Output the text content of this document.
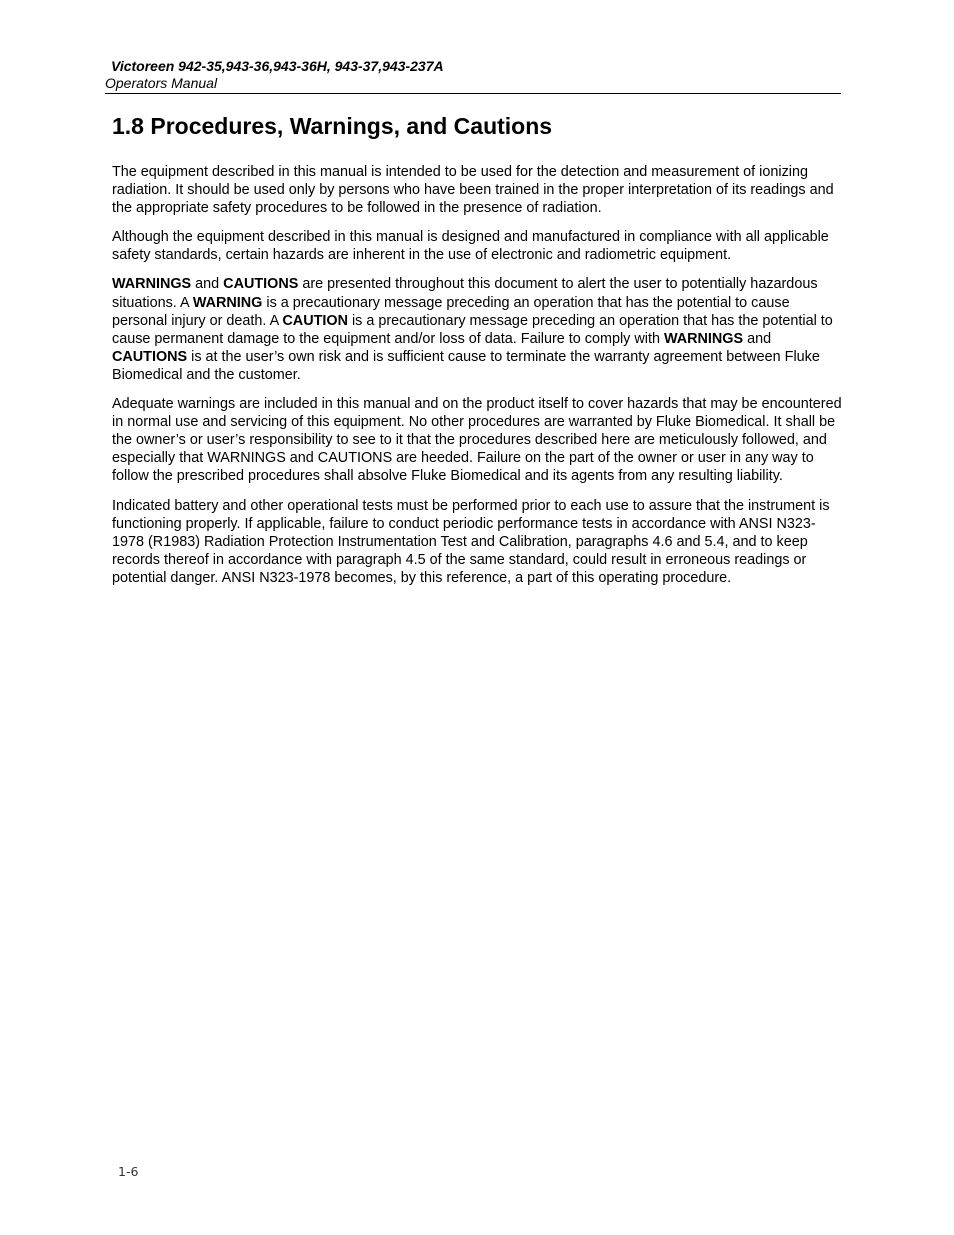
Victoreen 942-35,943-36,943-36H, 943-37,943-237A
Operators Manual
1.8 Procedures, Warnings, and Cautions

The equipment described in this manual is intended to be used for the detection and measurement of ionizing radiation. It should be used only by persons who have been trained in the proper interpretation of its readings and the appropriate safety procedures to be followed in the presence of radiation.

Although the equipment described in this manual is designed and manufactured in compliance with all applicable safety standards, certain hazards are inherent in the use of electronic and radiometric equipment.

WARNINGS and CAUTIONS are presented throughout this document to alert the user to potentially hazardous situations. A WARNING is a precautionary message preceding an operation that has the potential to cause personal injury or death. A CAUTION is a precautionary message preceding an operation that has the potential to cause permanent damage to the equipment and/or loss of data. Failure to comply with WARNINGS and CAUTIONS is at the user’s own risk and is sufficient cause to terminate the warranty agreement between Fluke Biomedical and the customer.

Adequate warnings are included in this manual and on the product itself to cover hazards that may be encountered in normal use and servicing of this equipment. No other procedures are warranted by Fluke Biomedical. It shall be the owner’s or user’s responsibility to see to it that the procedures described here are meticulously followed, and especially that WARNINGS and CAUTIONS are heeded. Failure on the part of the owner or user in any way to follow the prescribed procedures shall absolve Fluke Biomedical and its agents from any resulting liability.

Indicated battery and other operational tests must be performed prior to each use to assure that the instrument is functioning properly. If applicable, failure to conduct periodic performance tests in accordance with ANSI N323-1978 (R1983) Radiation Protection Instrumentation Test and Calibration, paragraphs 4.6 and 5.4, and to keep records thereof in accordance with paragraph 4.5 of the same standard, could result in erroneous readings or potential danger. ANSI N323-1978 becomes, by this reference, a part of this operating procedure.

1-6
